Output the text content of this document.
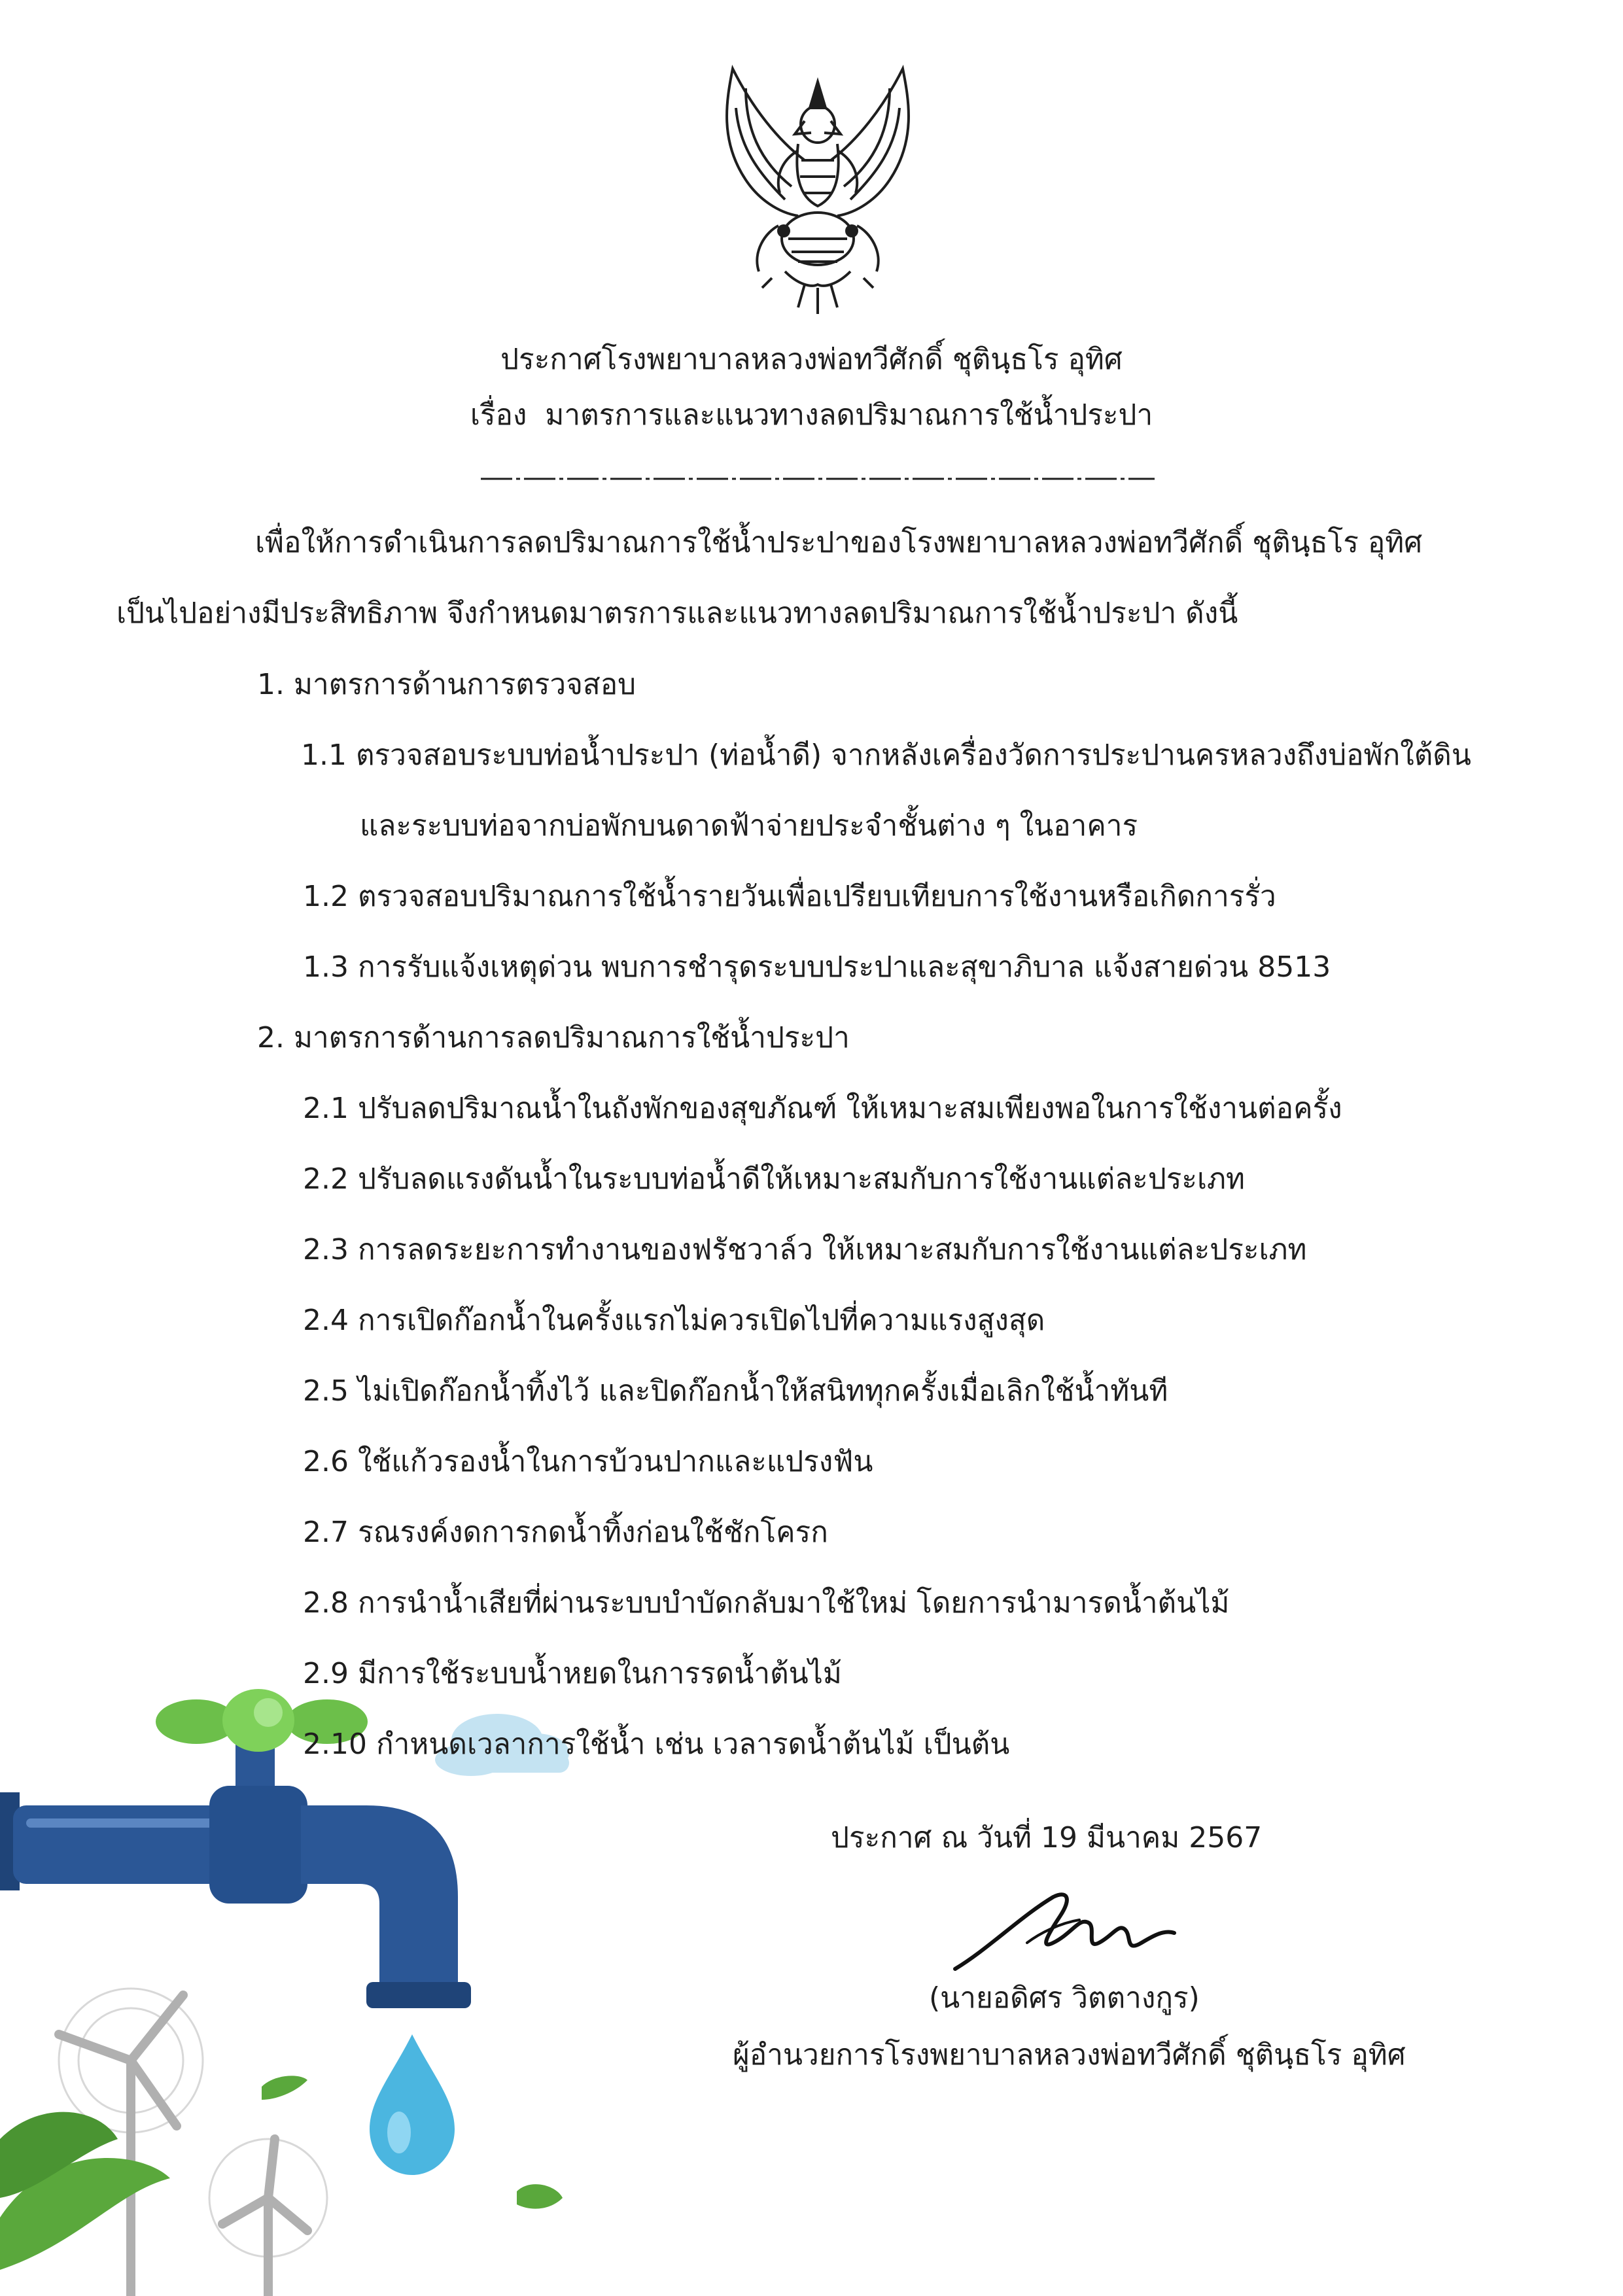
ประกาศโรงพยาบาลหลวงพ่อทวีศักดิ์ ชุตินฺธโร อุทิศ
เรื่อง มาตรการและแนวทางลดปริมาณการใช้น้ำประปา
เพื่อให้การดำเนินการลดปริมาณการใช้น้ำประปาของโรงพยาบาลหลวงพ่อทวีศักดิ์ ชุตินฺธโร อุทิศ
เป็นไปอย่างมีประสิทธิภาพ จึงกำหนดมาตรการและแนวทางลดปริมาณการใช้น้ำประปา ดังนี้
1. มาตรการด้านการตรวจสอบ
1.1 ตรวจสอบระบบท่อน้ำประปา (ท่อน้ำดี) จากหลังเครื่องวัดการประปานครหลวงถึงบ่อพักใต้ดิน
และระบบท่อจากบ่อพักบนดาดฟ้าจ่ายประจำชั้นต่าง ๆ ในอาคาร
1.2 ตรวจสอบปริมาณการใช้น้ำรายวันเพื่อเปรียบเทียบการใช้งานหรือเกิดการรั่ว
1.3 การรับแจ้งเหตุด่วน พบการชำรุดระบบประปาและสุขาภิบาล แจ้งสายด่วน 8513
2. มาตรการด้านการลดปริมาณการใช้น้ำประปา
2.1 ปรับลดปริมาณน้ำในถังพักของสุขภัณฑ์ ให้เหมาะสมเพียงพอในการใช้งานต่อครั้ง
2.2 ปรับลดแรงดันน้ำในระบบท่อน้ำดีให้เหมาะสมกับการใช้งานแต่ละประเภท
2.3 การลดระยะการทำงานของฟรัชวาล์ว ให้เหมาะสมกับการใช้งานแต่ละประเภท
2.4 การเปิดก๊อกน้ำในครั้งแรกไม่ควรเปิดไปที่ความแรงสูงสุด
2.5 ไม่เปิดก๊อกน้ำทิ้งไว้ และปิดก๊อกน้ำให้สนิททุกครั้งเมื่อเลิกใช้น้ำทันที
2.6 ใช้แก้วรองน้ำในการบ้วนปากและแปรงฟัน
2.7 รณรงค์งดการกดน้ำทิ้งก่อนใช้ชักโครก
2.8 การนำน้ำเสียที่ผ่านระบบบำบัดกลับมาใช้ใหม่ โดยการนำมารดน้ำต้นไม้
2.9 มีการใช้ระบบน้ำหยดในการรดน้ำต้นไม้
2.10 กำหนดเวลาการใช้น้ำ เช่น เวลารดน้ำต้นไม้ เป็นต้น
ประกาศ ณ วันที่ 19 มีนาคม 2567
(นายอดิศร วิตตางกูร)
ผู้อำนวยการโรงพยาบาลหลวงพ่อทวีศักดิ์ ชุตินฺธโร อุทิศ
